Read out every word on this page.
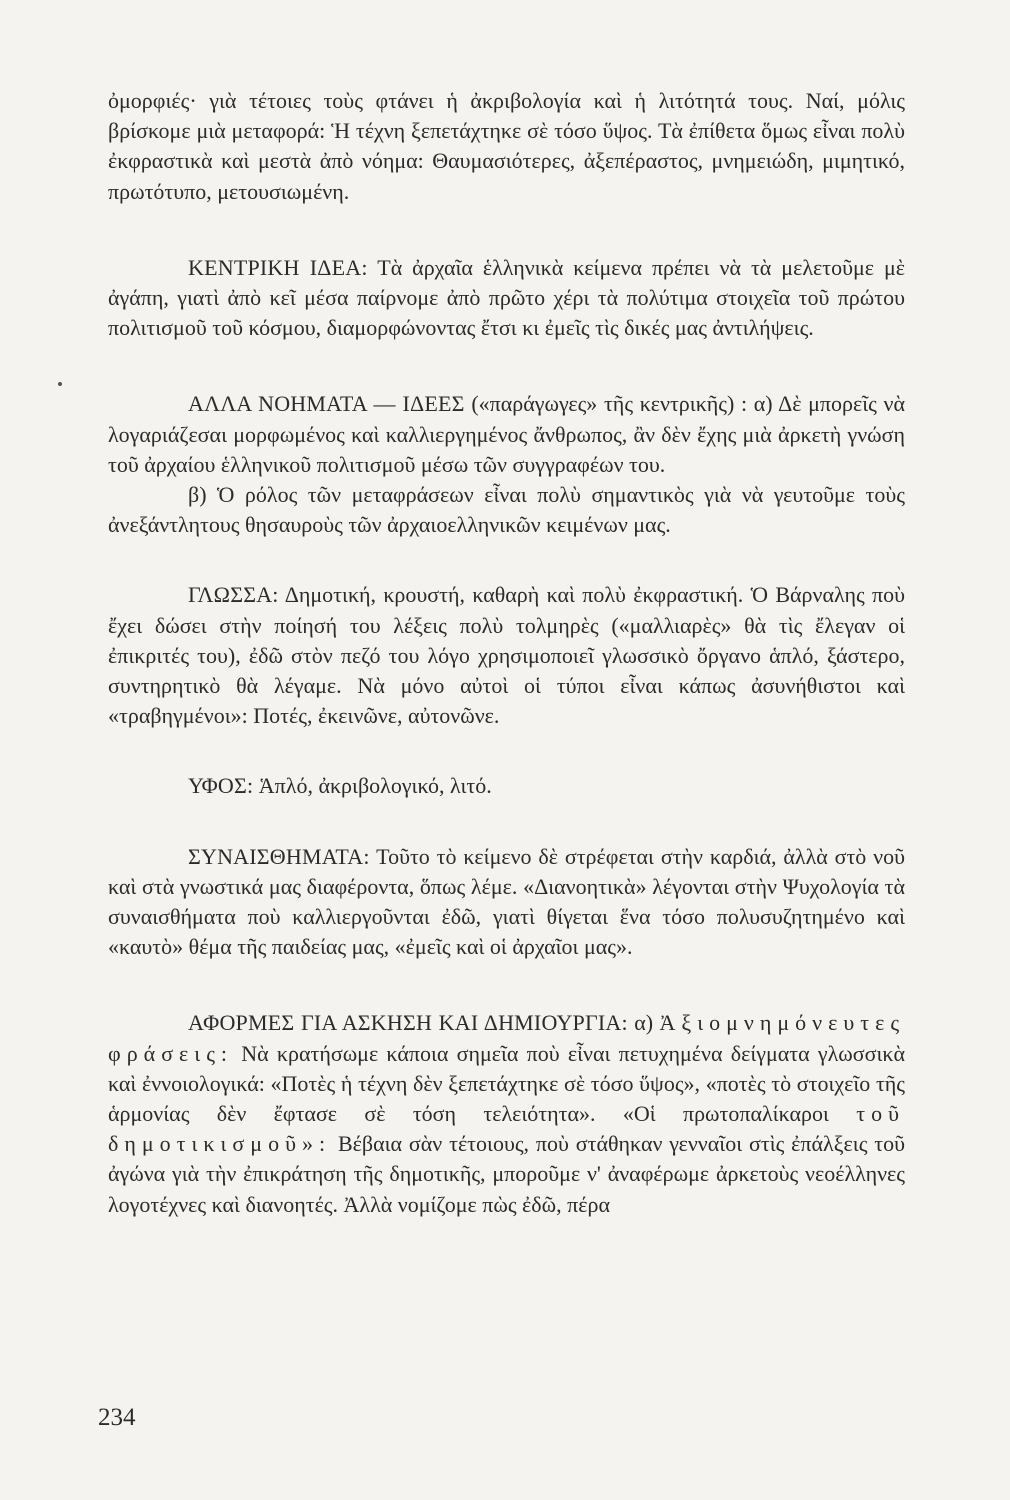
ὀμορφιές· γιὰ τέτοιες τοὺς φτάνει ἡ ἀκριβολογία καὶ ἡ λιτότητά τους. Ναί, μόλις βρίσκομε μιὰ μεταφορά: Ἡ τέχνη ξεπετάχτηκε σὲ τόσο ὕψος. Τὰ ἐπίθετα ὅμως εἶναι πολὺ ἐκφραστικὰ καὶ μεστὰ ἀπὸ νόημα: Θαυμασιότερες, ἀξεπέραστος, μνημειώδη, μιμητικό, πρωτότυπο, μετουσιωμένη.

ΚΕΝΤΡΙΚΗ ΙΔΕΑ: Τὰ ἀρχαῖα ἑλληνικὰ κείμενα πρέπει νὰ τὰ μελετοῦμε μὲ ἀγάπη, γιατὶ ἀπὸ κεῖ μέσα παίρνομε ἀπὸ πρῶτο χέρι τὰ πολύτιμα στοιχεῖα τοῦ πρώτου πολιτισμοῦ τοῦ κόσμου, διαμορφώνοντας ἔτσι κι ἐμεῖς τὶς δικές μας ἀντιλήψεις.

ΑΛΛΑ ΝΟΗΜΑΤΑ — ΙΔΕΕΣ («παράγωγες» τῆς κεντρικῆς) : α) Δὲ μπορεῖς νὰ λογαριάζεσαι μορφωμένος καὶ καλλιεργημένος ἄνθρωπος, ἂν δὲν ἔχης μιὰ ἀρκετὴ γνώση τοῦ ἀρχαίου ἑλληνικοῦ πολιτισμοῦ μέσω τῶν συγγραφέων του.

β) Ὁ ρόλος τῶν μεταφράσεων εἶναι πολὺ σημαντικὸς γιὰ νὰ γευτοῦμε τοὺς ἀνεξάντλητους θησαυροὺς τῶν ἀρχαιοελληνικῶν κειμένων μας.

ΓΛΩΣΣΑ: Δημοτική, κρουστή, καθαρὴ καὶ πολὺ ἐκφραστική. Ὁ Βάρναλης ποὺ ἔχει δώσει στὴν ποίησή του λέξεις πολὺ τολμηρὲς («μαλλιαρὲς» θὰ τὶς ἔλεγαν οἱ ἐπικριτές του), ἐδῶ στὸν πεζό του λόγο χρησιμοποιεῖ γλωσσικὸ ὄργανο ἁπλό, ξάστερο, συντηρητικὸ θὰ λέγαμε. Νὰ μόνο αὐτοὶ οἱ τύποι εἶναι κάπως ἀσυνήθιστοι καὶ «τραβηγμένοι»: Ποτές, ἐκεινῶνε, αὐτονῶνε.

ΥΦΟΣ: Ἁπλό, ἀκριβολογικό, λιτό.

ΣΥΝΑΙΣΘΗΜΑΤΑ: Τοῦτο τὸ κείμενο δὲ στρέφεται στὴν καρδιά, ἀλλὰ στὸ νοῦ καὶ στὰ γνωστικά μας διαφέροντα, ὅπως λέμε. «Διανοητικὰ» λέγονται στὴν Ψυχολογία τὰ συναισθήματα ποὺ καλλιεργοῦνται ἐδῶ, γιατὶ θίγεται ἕνα τόσο πολυσυζητημένο καὶ «καυτὸ» θέμα τῆς παιδείας μας, «ἐμεῖς καὶ οἱ ἀρχαῖοι μας».

ΑΦΟΡΜΕΣ ΓΙΑ ΑΣΚΗΣΗ ΚΑΙ ΔΗΜΙΟΥΡΓΙΑ: α) Ἀξιομνημόνευτες φράσεις: Νὰ κρατήσωμε κάποια σημεῖα ποὺ εἶναι πετυχημένα δείγματα γλωσσικὰ καὶ ἐννοιολογικά: «Ποτὲς ἡ τέχνη δὲν ξεπετάχτηκε σὲ τόσο ὕψος», «ποτὲς τὸ στοιχεῖο τῆς ἁρμονίας δὲν ἔφτασε σὲ τόση τελειότητα». «Οἱ πρωτοπαλίκαροι τοῦ δημοτικισμοῦ»: Βέβαια σὰν τέτοιους, ποὺ στάθηκαν γενναῖοι στὶς ἐπάλξεις τοῦ ἀγώνα γιὰ τὴν ἐπικράτηση τῆς δημοτικῆς, μποροῦμε ν' ἀναφέρωμε ἀρκετοὺς νεοέλληνες λογοτέχνες καὶ διανοητές. Ἀλλὰ νομίζομε πὼς ἐδῶ, πέρα

234
